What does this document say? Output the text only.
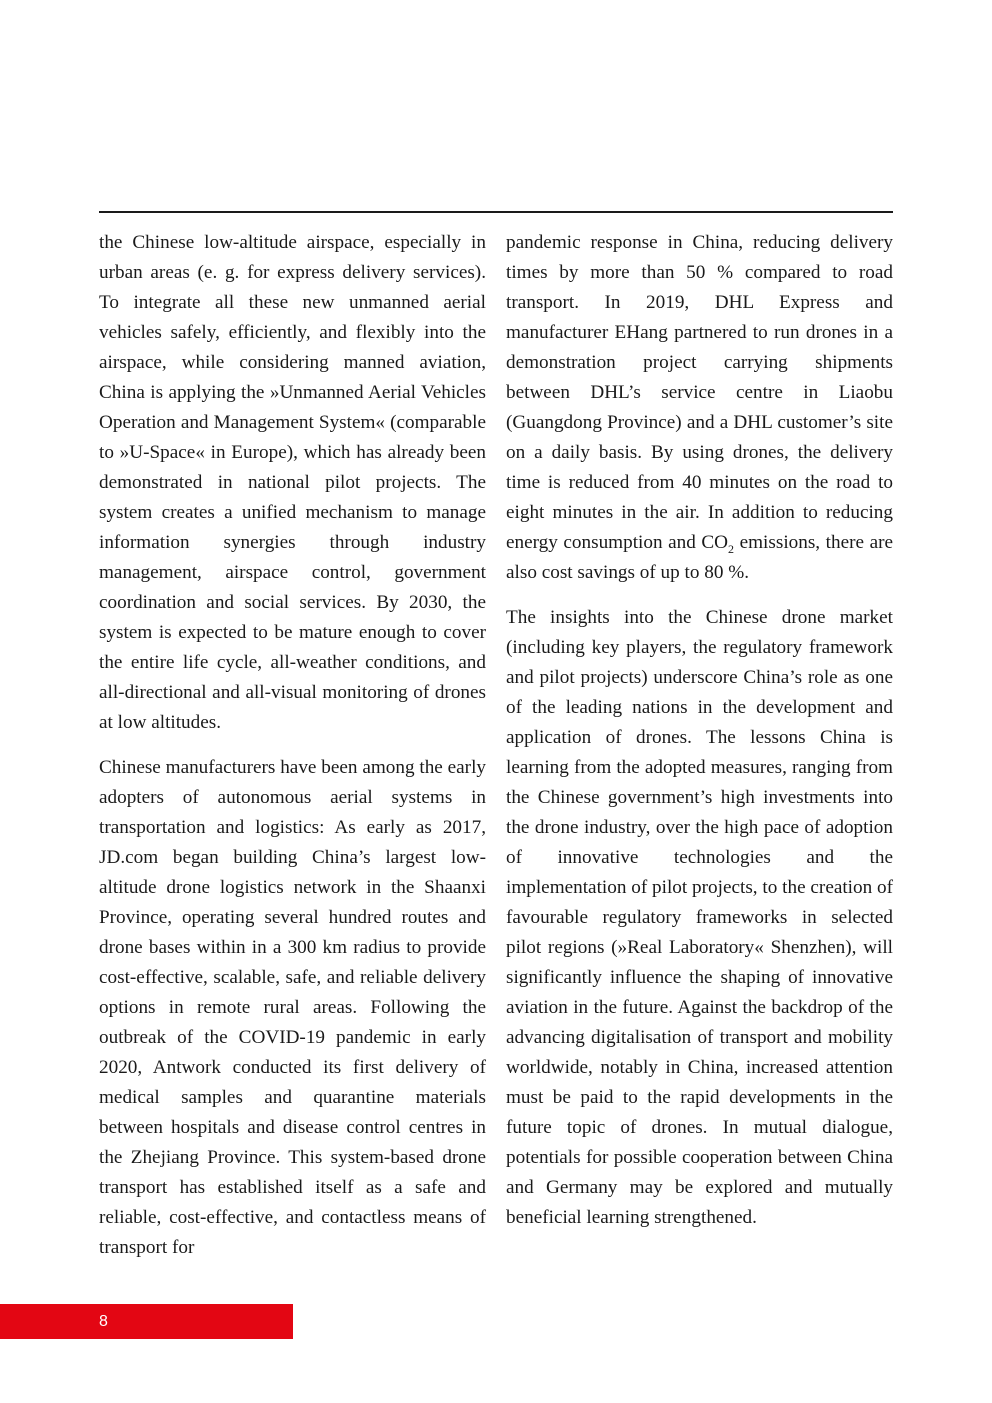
the Chinese low-altitude airspace, especially in urban areas (e. g. for express delivery services). To integrate all these new unmanned aerial vehicles safely, efficiently, and flexibly into the airspace, while considering manned aviation, China is applying the »Unmanned Aerial Vehicles Operation and Management System« (comparable to »U-Space« in Europe), which has already been demonstrated in national pilot projects. The system creates a unified mechanism to manage information synergies through industry management, airspace control, government coordination and social services. By 2030, the system is expected to be mature enough to cover the entire life cycle, all-weather conditions, and all-directional and all-visual monitoring of drones at low altitudes.

Chinese manufacturers have been among the early adopters of autonomous aerial systems in transportation and logistics: As early as 2017, JD.com began building China’s largest low-altitude drone logistics network in the Shaanxi Province, operating several hundred routes and drone bases within in a 300 km radius to provide cost-effective, scalable, safe, and reliable delivery options in remote rural areas. Following the outbreak of the COVID-19 pandemic in early 2020, Antwork conducted its first delivery of medical samples and quarantine materials between hospitals and disease control centres in the Zhejiang Province. This system-based drone transport has established itself as a safe and reliable, cost-effective, and contactless means of transport for

pandemic response in China, reducing delivery times by more than 50 % compared to road transport. In 2019, DHL Express and manufacturer EHang partnered to run drones in a demonstration project carrying shipments between DHL’s service centre in Liaobu (Guangdong Province) and a DHL customer’s site on a daily basis. By using drones, the delivery time is reduced from 40 minutes on the road to eight minutes in the air. In addition to reducing energy consumption and $CO_2$ emissions, there are also cost savings of up to 80 %.

The insights into the Chinese drone market (including key players, the regulatory framework and pilot projects) underscore China’s role as one of the leading nations in the development and application of drones. The lessons China is learning from the adopted measures, ranging from the Chinese government’s high investments into the drone industry, over the high pace of adoption of innovative technologies and the implementation of pilot projects, to the creation of favourable regulatory frameworks in selected pilot regions (»Real Laboratory« Shenzhen), will significantly influence the shaping of innovative aviation in the future. Against the backdrop of the advancing digitalisation of transport and mobility worldwide, notably in China, increased attention must be paid to the rapid developments in the future topic of drones. In mutual dialogue, potentials for possible cooperation between China and Germany may be explored and mutually beneficial learning strengthened.

8
